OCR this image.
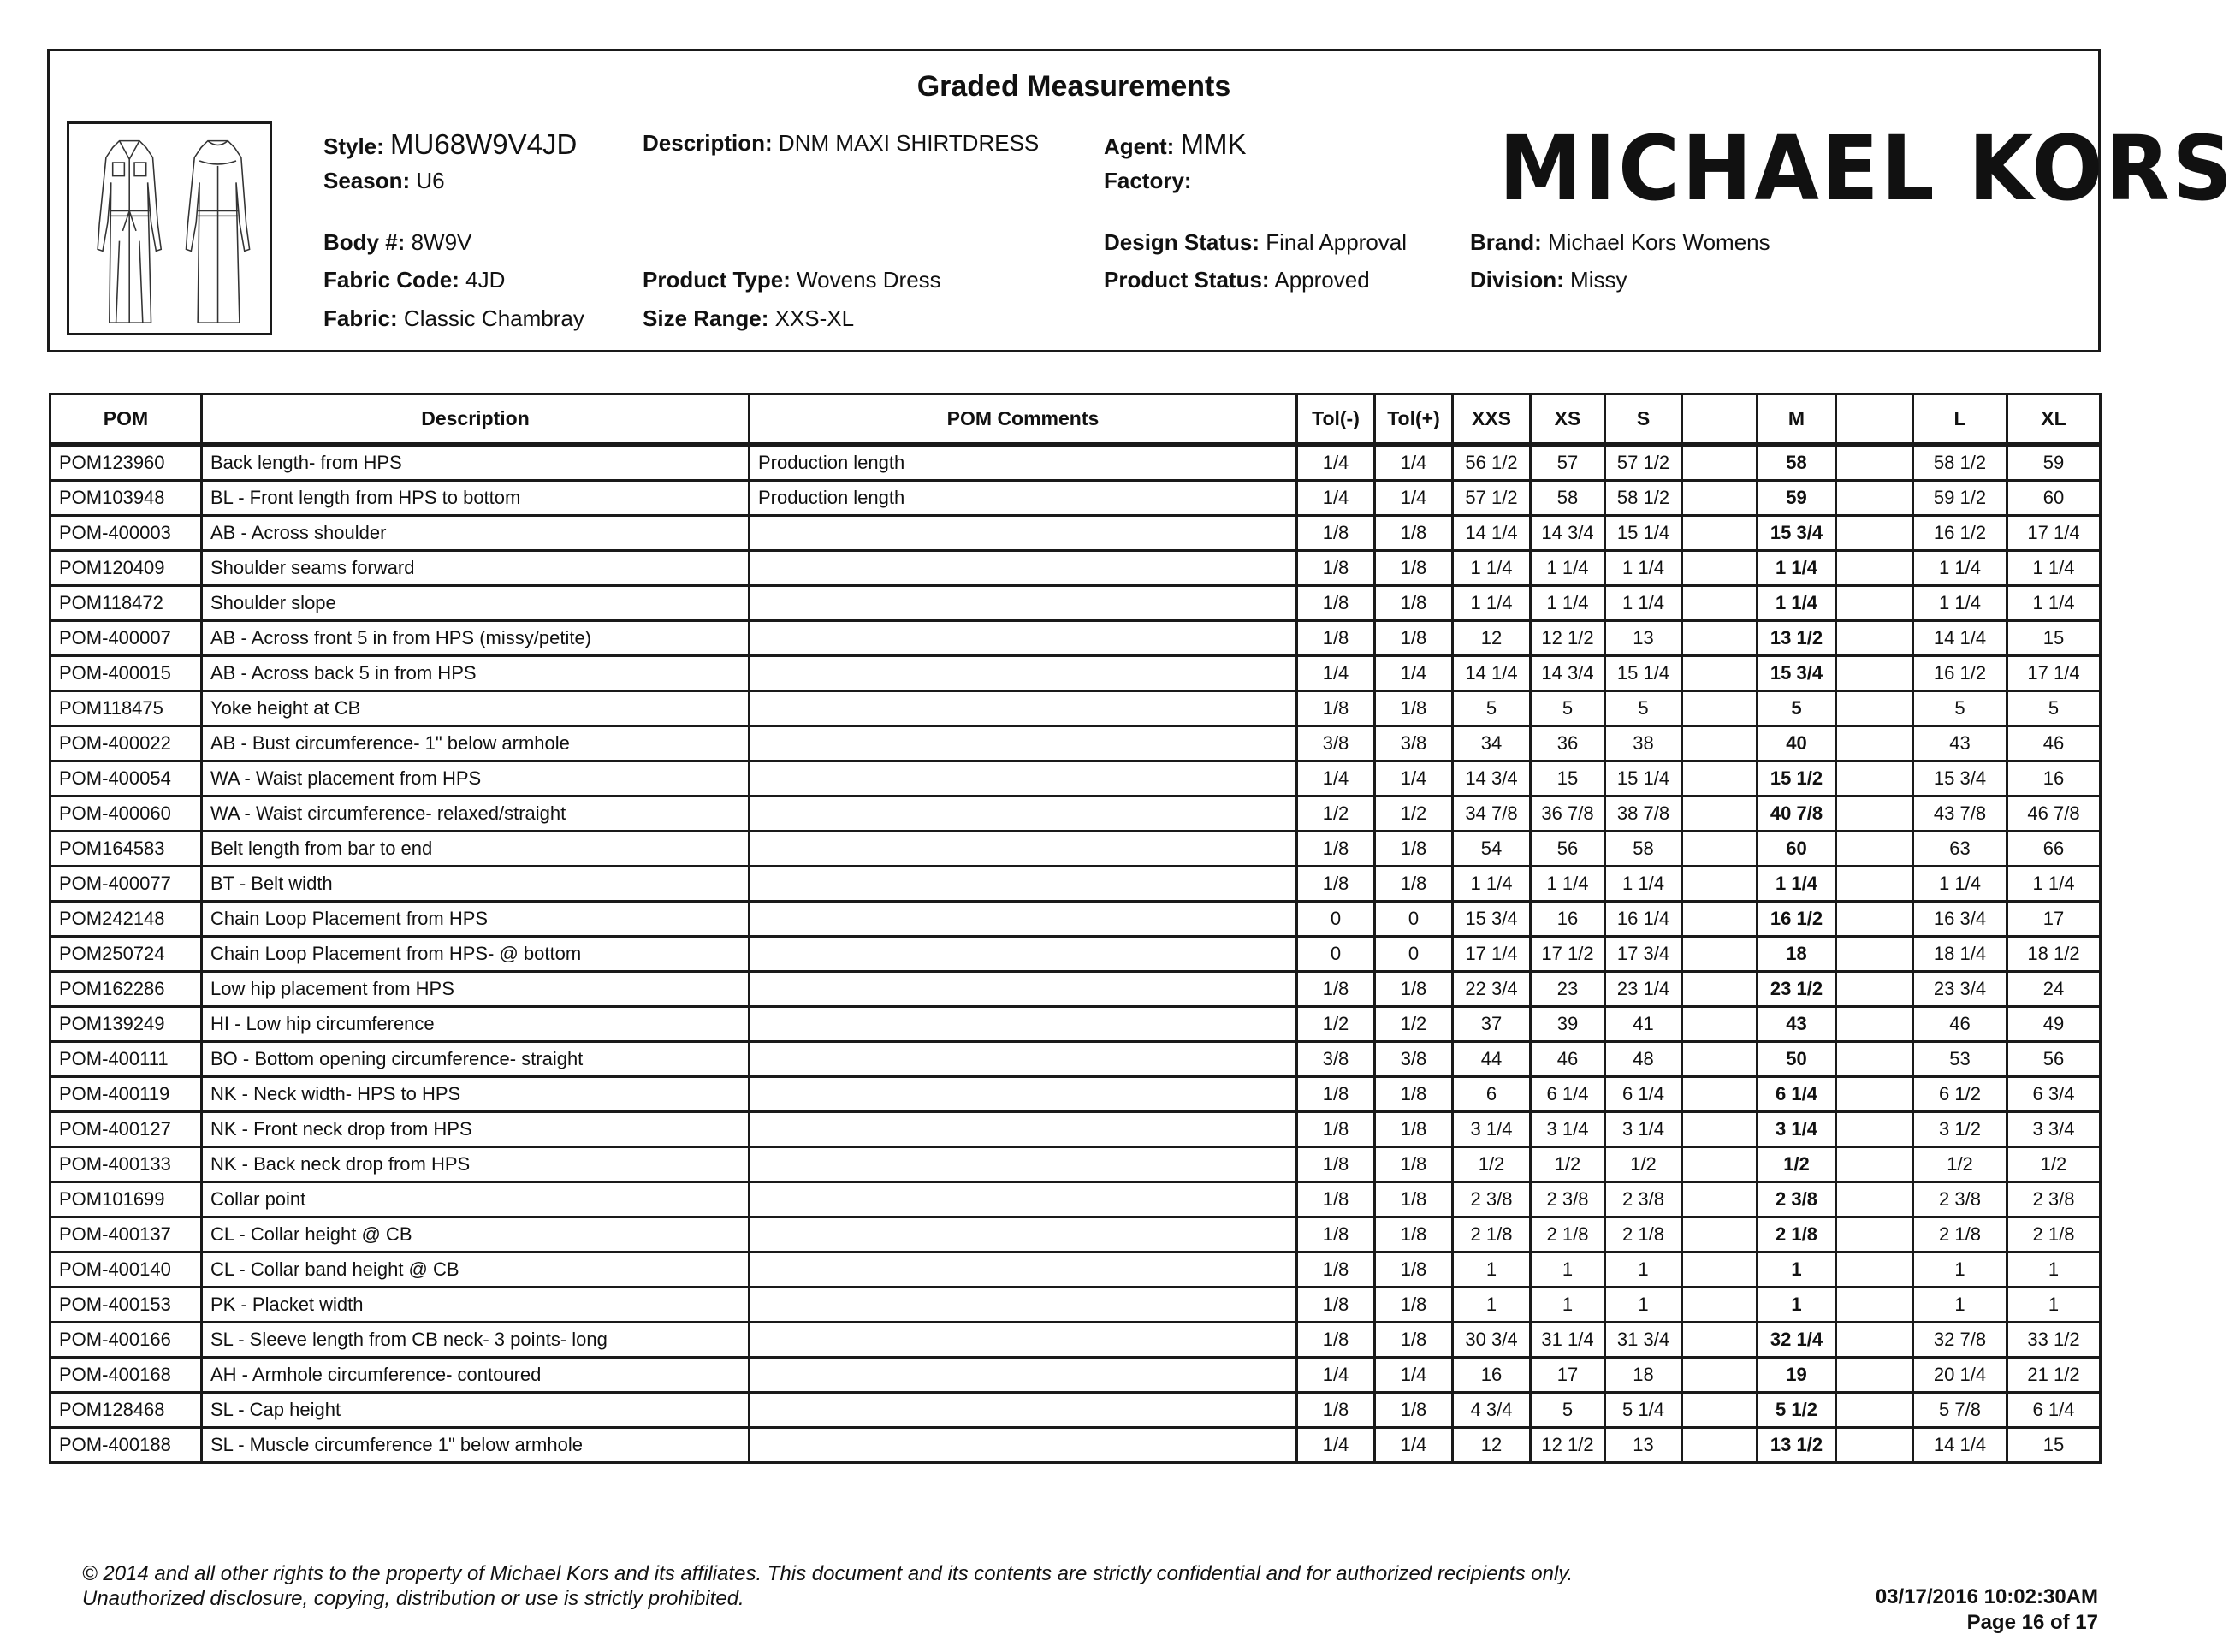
Graded Measurements
Style: MU68W9V4JD
Season: U6
Body #: 8W9V
Fabric Code: 4JD
Fabric: Classic Chambray
Description: DNM MAXI SHIRTDRESS
Product Type: Wovens Dress
Size Range: XXS-XL
Agent: MMK
Factory:
Design Status: Final Approval
Product Status: Approved
Brand: Michael Kors Womens
Division: Missy
MICHAEL KORS
POM	Description	POM Comments	Tol(-)	Tol(+)	XXS	XS	S		M		L	XL
POM123960	Back length- from HPS	Production length	1/4	1/4	56 1/2	57	57 1/2		58		58 1/2	59
POM103948	BL - Front length from HPS to bottom	Production length	1/4	1/4	57 1/2	58	58 1/2		59		59 1/2	60
POM-400003	AB - Across shoulder		1/8	1/8	14 1/4	14 3/4	15 1/4		15 3/4		16 1/2	17 1/4
POM120409	Shoulder seams forward		1/8	1/8	1 1/4	1 1/4	1 1/4		1 1/4		1 1/4	1 1/4
POM118472	Shoulder slope		1/8	1/8	1 1/4	1 1/4	1 1/4		1 1/4		1 1/4	1 1/4
POM-400007	AB - Across front 5 in from HPS (missy/petite)		1/8	1/8	12	12 1/2	13		13 1/2		14 1/4	15
POM-400015	AB - Across back 5 in from HPS		1/4	1/4	14 1/4	14 3/4	15 1/4		15 3/4		16 1/2	17 1/4
POM118475	Yoke height at CB		1/8	1/8	5	5	5		5		5	5
POM-400022	AB - Bust circumference- 1" below armhole		3/8	3/8	34	36	38		40		43	46
POM-400054	WA - Waist placement from HPS		1/4	1/4	14 3/4	15	15 1/4		15 1/2		15 3/4	16
POM-400060	WA - Waist circumference- relaxed/straight		1/2	1/2	34 7/8	36 7/8	38 7/8		40 7/8		43 7/8	46 7/8
POM164583	Belt length from bar to end		1/8	1/8	54	56	58		60		63	66
POM-400077	BT - Belt width		1/8	1/8	1 1/4	1 1/4	1 1/4		1 1/4		1 1/4	1 1/4
POM242148	Chain Loop Placement from HPS		0	0	15 3/4	16	16 1/4		16 1/2		16 3/4	17
POM250724	Chain Loop Placement from HPS- @ bottom		0	0	17 1/4	17 1/2	17 3/4		18		18 1/4	18 1/2
POM162286	Low hip placement from HPS		1/8	1/8	22 3/4	23	23 1/4		23 1/2		23 3/4	24
POM139249	HI - Low hip circumference		1/2	1/2	37	39	41		43		46	49
POM-400111	BO - Bottom opening circumference- straight		3/8	3/8	44	46	48		50		53	56
POM-400119	NK - Neck width- HPS to HPS		1/8	1/8	6	6 1/4	6 1/4		6 1/4		6 1/2	6 3/4
POM-400127	NK - Front neck drop from HPS		1/8	1/8	3 1/4	3 1/4	3 1/4		3 1/4		3 1/2	3 3/4
POM-400133	NK - Back neck drop from HPS		1/8	1/8	1/2	1/2	1/2		1/2		1/2	1/2
POM101699	Collar point		1/8	1/8	2 3/8	2 3/8	2 3/8		2 3/8		2 3/8	2 3/8
POM-400137	CL - Collar height @ CB		1/8	1/8	2 1/8	2 1/8	2 1/8		2 1/8		2 1/8	2 1/8
POM-400140	CL - Collar band height @ CB		1/8	1/8	1	1	1		1		1	1
POM-400153	PK - Placket width		1/8	1/8	1	1	1		1		1	1
POM-400166	SL - Sleeve length from CB neck- 3 points- long		1/8	1/8	30 3/4	31 1/4	31 3/4		32 1/4		32 7/8	33 1/2
POM-400168	AH - Armhole circumference- contoured		1/4	1/4	16	17	18		19		20 1/4	21 1/2
POM128468	SL - Cap height		1/8	1/8	4 3/4	5	5 1/4		5 1/2		5 7/8	6 1/4
POM-400188	SL - Muscle circumference 1" below armhole		1/4	1/4	12	12 1/2	13		13 1/2		14 1/4	15
© 2014 and all other rights to the property of Michael Kors and its affiliates. This document and its contents are strictly confidential and for authorized recipients only.
Unauthorized disclosure, copying, distribution or use is strictly prohibited.	03/17/2016 10:02:30AM
Page 16 of 17
